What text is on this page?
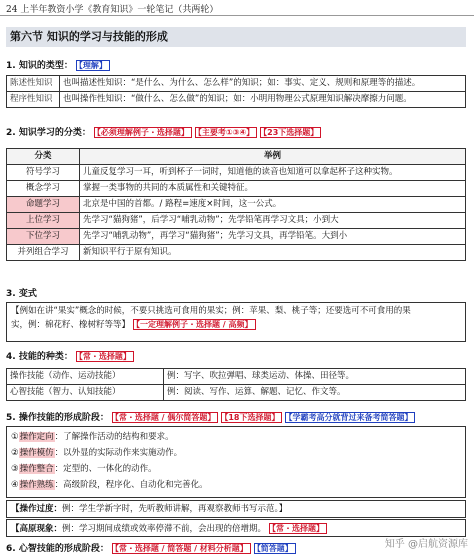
24 上半年教资小学《教育知识》一轮笔记（共两轮）
第六节 知识的学习与技能的形成
1. 知识的类型： 【理解】
陈述性知识	也叫描述性知识：“是什么、为什么、怎么样”的知识；如：事实、定义、规则和原理等的描述。
程序性知识	也叫操作性知识：“做什么、怎么做”的知识；如：小明用物理公式原理知识解决摩擦力问题。
2. 知识学习的分类： 【必须理解例子・选择题】 【主要考①③④】 【23下选择题】
分类	举例
符号学习	儿童反复学习一耳，听到杯子一词时，知道他的读音也知道可以拿起杯子这种实物。
概念学习	掌握一类事物的共同的本质属性和关键特征。
命题学习	北京是中国的首都。/ 路程=速度×时间，这一公式。
上位学习	先学习“猫狗猪”，后学习“哺乳动物”；先学铅笔再学习文具；小到大
下位学习	先学习“哺乳动物”，再学习“猫狗猪”；先学习文具，再学铅笔。大到小
并列组合学习	新知识平行于原有知识。
3. 变式
【例如在讲“果实”概念的时候，不要只挑选可食用的果实；例：苹果、梨、桃子等；还要选可不可食用的果
实，例：棉花籽、橡树籽等等】 【一定理解例子・选择题 / 高频】
4. 技能的种类： 【常・选择题】
操作技能（动作、运动技能）	例：写字、吹拉弹唱、球类运动、体操、田径等。
心智技能（智力、认知技能）	例：阅读、写作、运算、解题、记忆、作文等。
5. 操作技能的形成阶段： 【常・选择题 / 偶尔简答题】 【18下选择题】 【学霸考高分就背过来备考简答题】
①操作定向：了解操作活动的结构和要求。
②操作模仿：以外显的实际动作来实施动作。
③操作整合：定型的、一体化的动作。
④操作熟练：高级阶段，程序化、自动化和完善化。
【操作过度：例：学生学新字时，先听教师讲解，再观察教师书写示范。】
【高原现象：例：学习期间成绩或效率停滞不前，会出现的倍增期。 【常・选择题】
6. 心智技能的形成阶段： 【常・选择题 / 简答题 / 材料分析题】 【简答题】	知乎 @启航资源库
